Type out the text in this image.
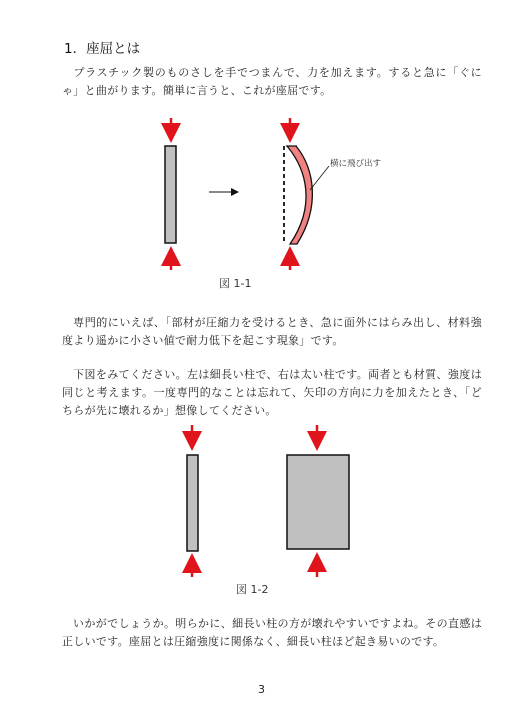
1．座屈とは
プラスチック製のものさしを手でつまんで、力を加えます。すると急に「ぐにゃ」と曲がります。簡単に言うと、これが座屈です。
横に飛び出す
図 1-1
専門的にいえば、「部材が圧縮力を受けるとき、急に面外にはらみ出し、材料強度より遥かに小さい値で耐力低下を起こす現象」です。
下図をみてください。左は細長い柱で、右は太い柱です。両者とも材質、強度は同じと考えます。一度専門的なことは忘れて、矢印の方向に力を加えたとき、「どちらが先に壊れるか」想像してください。
図 1-2
いかがでしょうか。明らかに、細長い柱の方が壊れやすいですよね。その直感は正しいです。座屈とは圧縮強度に関係なく、細長い柱ほど起き易いのです。
3
